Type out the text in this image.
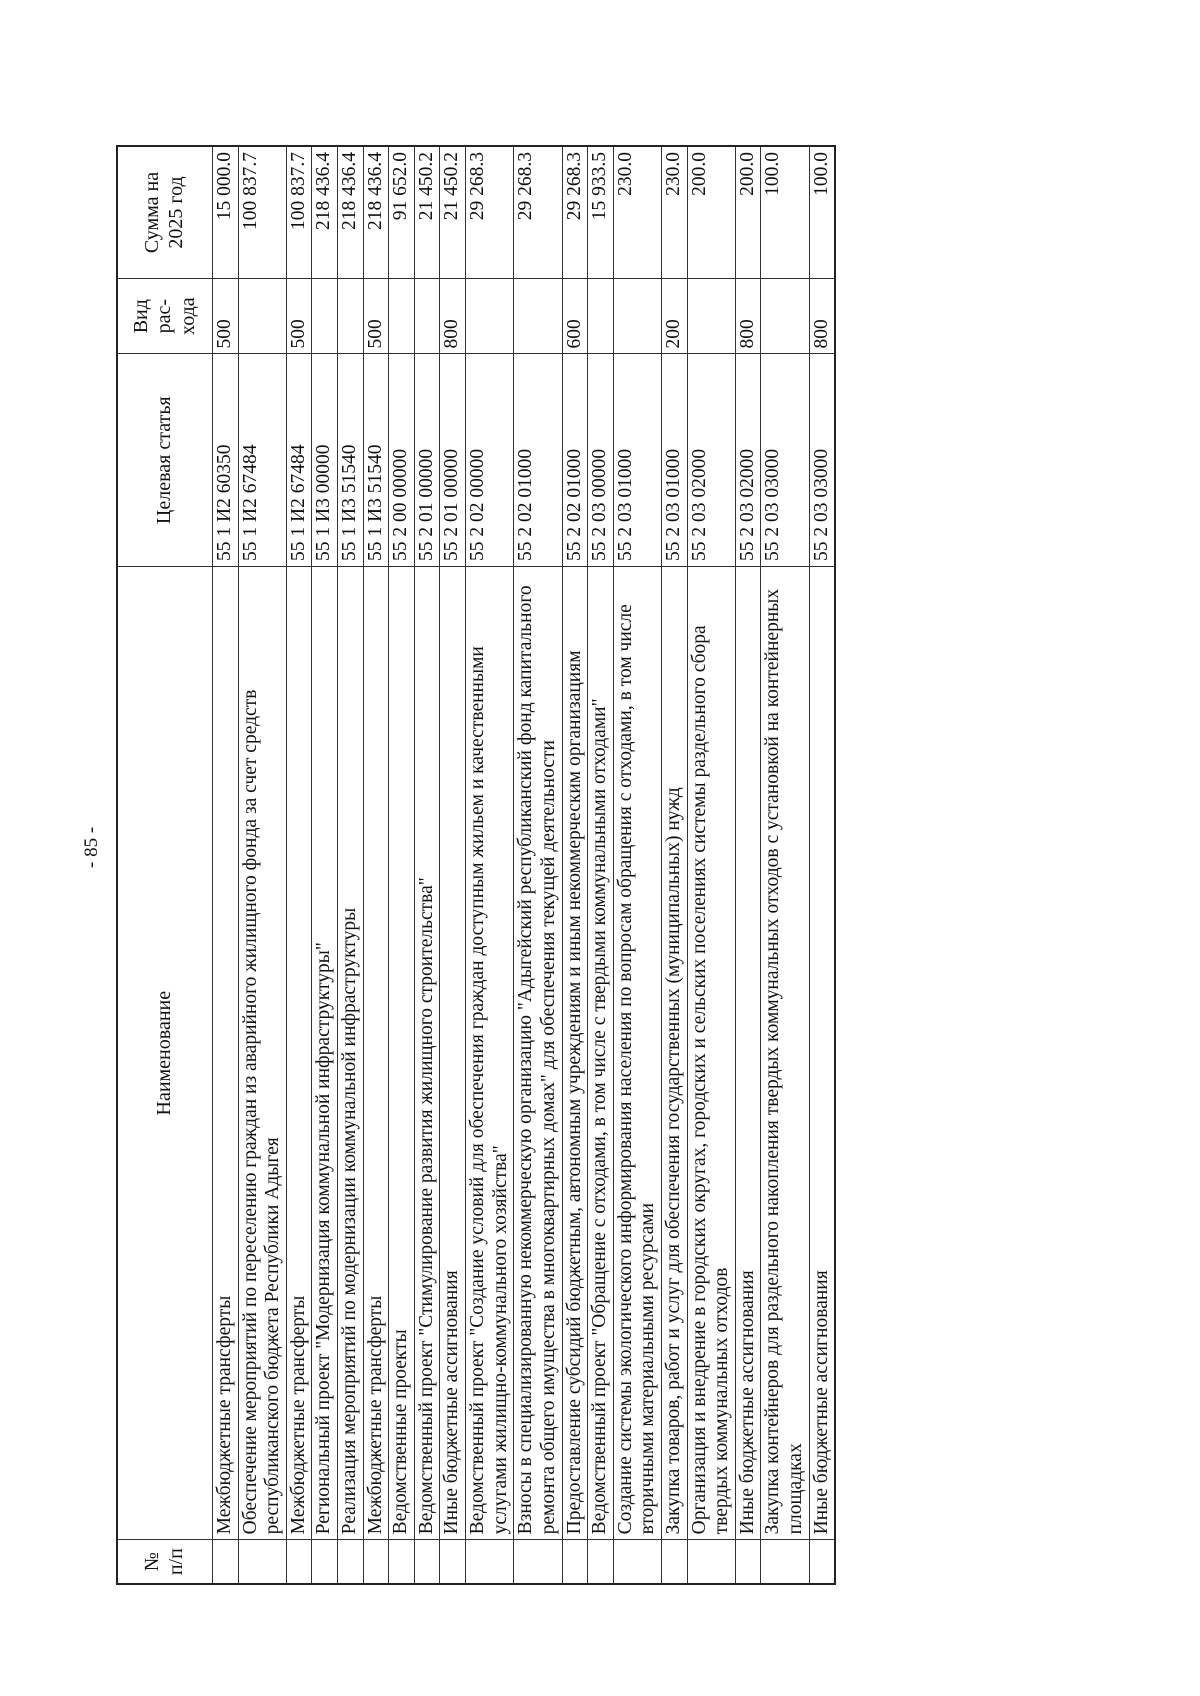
- 85 -
№ п/п	Наименование	Целевая статья	Вид рас-хода	Сумма на 2025 год
	Межбюджетные трансферты	55 1 И2 60350	500	15 000.0
	Обеспечение мероприятий по переселению граждан из аварийного жилищного фонда за счет средств республиканского бюджета Республики Адыгея	55 1 И2 67484		100 837.7
	Межбюджетные трансферты	55 1 И2 67484	500	100 837.7
	Региональный проект "Модернизация коммунальной инфраструктуры"	55 1 И3 00000		218 436.4
	Реализация мероприятий по модернизации коммунальной инфраструктуры	55 1 И3 51540		218 436.4
	Межбюджетные трансферты	55 1 И3 51540	500	218 436.4
	Ведомственные проекты	55 2 00 00000		91 652.0
	Ведомственный проект "Стимулирование развития жилищного строительства"	55 2 01 00000		21 450.2
	Иные бюджетные ассигнования	55 2 01 00000	800	21 450.2
	Ведомственный проект "Создание условий для обеспечения граждан доступным жильем и качественными услугами жилищно-коммунального хозяйства"	55 2 02 00000		29 268.3
	Взносы в специализированную некоммерческую организацию "Адыгейский республиканский фонд капитального ремонта общего имущества в многоквартирных домах" для обеспечения текущей деятельности	55 2 02 01000		29 268.3
	Предоставление субсидий бюджетным, автономным учреждениям и иным некоммерческим организациям	55 2 02 01000	600	29 268.3
	Ведомственный проект "Обращение с отходами, в том числе с твердыми коммунальными отходами"	55 2 03 00000		15 933.5
	Создание системы экологического информирования населения по вопросам обращения с отходами, в том числе вторичными материальными ресурсами	55 2 03 01000		230.0
	Закупка товаров, работ и услуг для обеспечения государственных (муниципальных) нужд	55 2 03 01000	200	230.0
	Организация и внедрение в городских округах, городских и сельских поселениях системы раздельного сбора твердых коммунальных отходов	55 2 03 02000		200.0
	Иные бюджетные ассигнования	55 2 03 02000	800	200.0
	Закупка контейнеров для раздельного накопления твердых коммунальных отходов с установкой на контейнерных площадках	55 2 03 03000		100.0
	Иные бюджетные ассигнования	55 2 03 03000	800	100.0
